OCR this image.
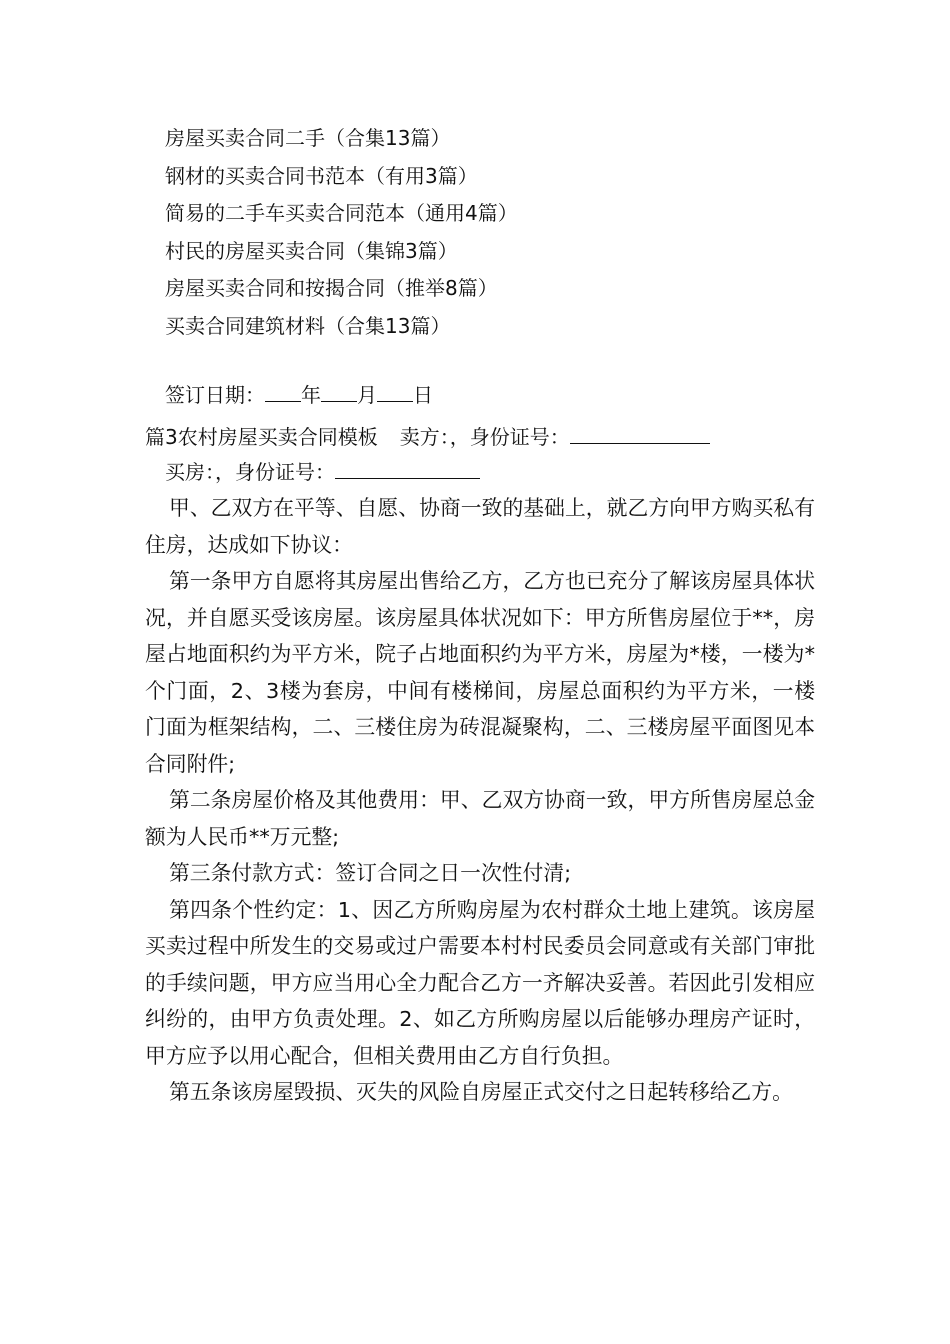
房屋买卖合同二手（合集13篇）
钢材的买卖合同书范本（有用3篇）
简易的二手车买卖合同范本（通用4篇）
村民的房屋买卖合同（集锦3篇）
房屋买卖合同和按揭合同（推举8篇）
买卖合同建筑材料（合集13篇）
签订日期： 年 月 日
篇3农村房屋买卖合同模板 卖方：，身份证号：
买房：，身份证号：

甲、乙双方在平等、自愿、协商一致的基础上，就乙方向甲方购买私有住房，达成如下协议：

第一条甲方自愿将其房屋出售给乙方，乙方也已充分了解该房屋具体状况，并自愿买受该房屋。该房屋具体状况如下：甲方所售房屋位于**，房屋占地面积约为平方米，院子占地面积约为平方米，房屋为*楼，一楼为*个门面，2、3楼为套房，中间有楼梯间，房屋总面积约为平方米，一楼门面为框架结构，二、三楼住房为砖混凝聚构，二、三楼房屋平面图见本合同附件;

第二条房屋价格及其他费用：甲、乙双方协商一致，甲方所售房屋总金额为人民币**万元整;

第三条付款方式：签订合同之日一次性付清;

第四条个性约定：1、因乙方所购房屋为农村群众土地上建筑。该房屋买卖过程中所发生的交易或过户需要本村村民委员会同意或有关部门审批的手续问题，甲方应当用心全力配合乙方一齐解决妥善。若因此引发相应纠纷的，由甲方负责处理。2、如乙方所购房屋以后能够办理房产证时，甲方应予以用心配合，但相关费用由乙方自行负担。

第五条该房屋毁损、灭失的风险自房屋正式交付之日起转移给乙方。
